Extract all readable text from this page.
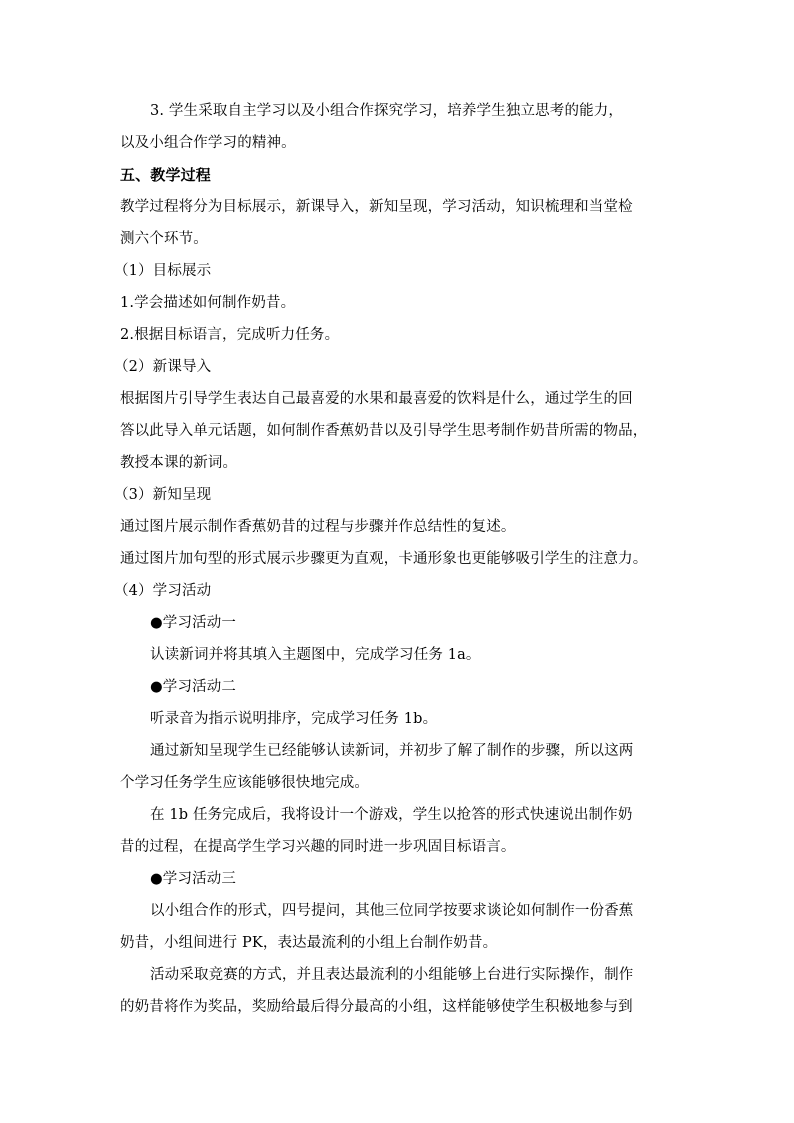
3. 学生采取自主学习以及小组合作探究学习，培养学生独立思考的能力，
以及小组合作学习的精神。
五、教学过程
教学过程将分为目标展示，新课导入，新知呈现，学习活动，知识梳理和当堂检
测六个环节。
（1）目标展示
1.学会描述如何制作奶昔。
2.根据目标语言，完成听力任务。
（2）新课导入
根据图片引导学生表达自己最喜爱的水果和最喜爱的饮料是什么，通过学生的回
答以此导入单元话题，如何制作香蕉奶昔以及引导学生思考制作奶昔所需的物品，
教授本课的新词。
（3）新知呈现
通过图片展示制作香蕉奶昔的过程与步骤并作总结性的复述。
通过图片加句型的形式展示步骤更为直观，卡通形象也更能够吸引学生的注意力。
（4）学习活动
●学习活动一
认读新词并将其填入主题图中，完成学习任务 1a。
●学习活动二
听录音为指示说明排序，完成学习任务 1b。
通过新知呈现学生已经能够认读新词，并初步了解了制作的步骤，所以这两
个学习任务学生应该能够很快地完成。
在 1b 任务完成后，我将设计一个游戏，学生以抢答的形式快速说出制作奶
昔的过程，在提高学生学习兴趣的同时进一步巩固目标语言。
●学习活动三
以小组合作的形式，四号提问，其他三位同学按要求谈论如何制作一份香蕉
奶昔，小组间进行 PK，表达最流利的小组上台制作奶昔。
活动采取竞赛的方式，并且表达最流利的小组能够上台进行实际操作，制作
的奶昔将作为奖品，奖励给最后得分最高的小组，这样能够使学生积极地参与到
